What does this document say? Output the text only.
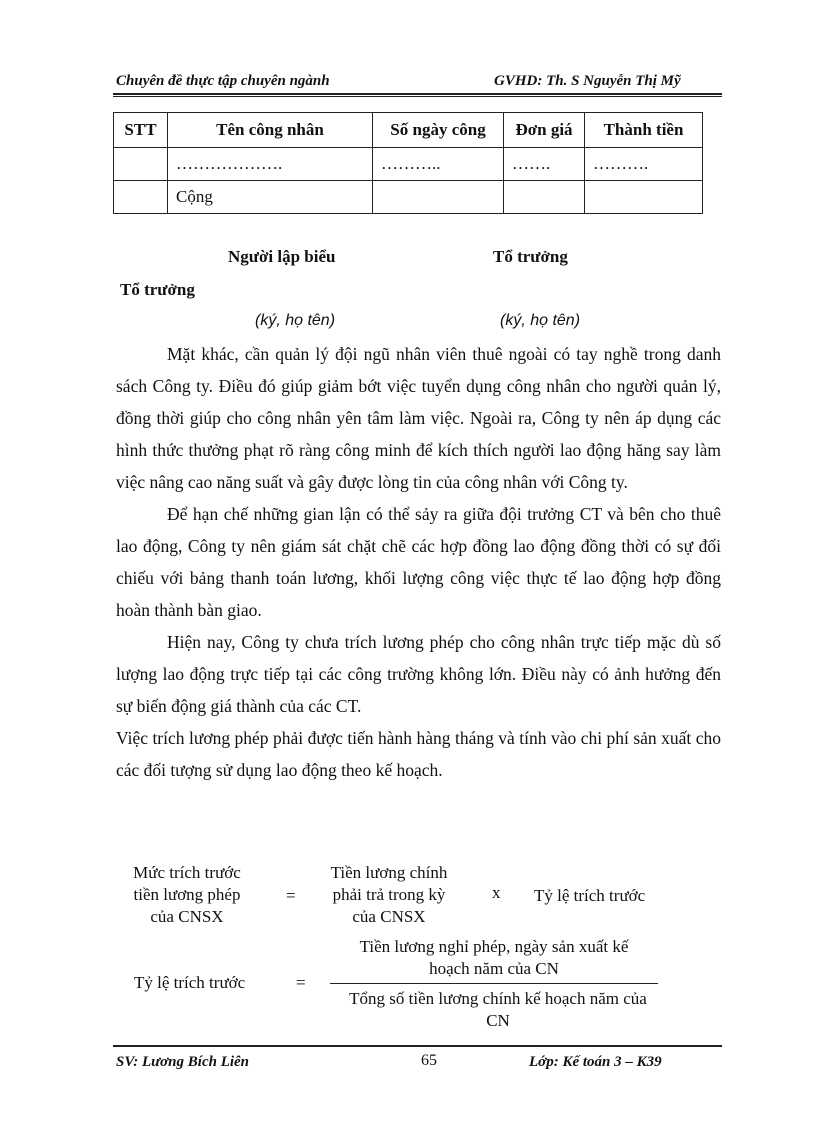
Chuyên đề thực tập chuyên ngành	GVHD: Th. S Nguyễn Thị Mỹ
STT	Tên công nhân	Số ngày công	Đơn giá	Thành tiền
	……………….	………..	…….	……….
	Cộng			
Người lập biểu	Tổ trưởng
Tổ trưởng
(ký, họ tên)	(ký, họ tên)

Mặt khác, cần quản lý đội ngũ nhân viên thuê ngoài có tay nghề trong danh sách Công ty. Điều đó giúp giảm bớt việc tuyển dụng công nhân cho người quản lý, đồng thời giúp cho công nhân yên tâm làm việc. Ngoài ra, Công ty nên áp dụng các hình thức thưởng phạt rõ ràng công minh để kích thích người lao động hăng say làm việc nâng cao năng suất và gây được lòng tin của công nhân với Công ty.

Để hạn chế những gian lận có thể sảy ra giữa đội trưởng CT và bên cho thuê lao động, Công ty nên giám sát chặt chẽ các hợp đồng lao động đồng thời có sự đối chiếu với bảng thanh toán lương, khối lượng công việc thực tế lao động hợp đồng hoàn thành bàn giao.

Hiện nay, Công ty chưa trích lương phép cho công nhân trực tiếp mặc dù số lượng lao động trực tiếp tại các công trường không lớn. Điều này có ảnh hưởng đến sự biến động giá thành của các CT.

Việc trích lương phép phải được tiến hành hàng tháng và tính vào chi phí sản xuất cho các đối tượng sử dụng lao động theo kế hoạch.

Mức trích trước
tiền lương phép
của CNSX
=
Tiền lương chính
phải trả trong kỳ
của CNSX
x Tỷ lệ trích trước
Tỷ lệ trích trước	=
Tiền lương nghỉ phép, ngày sản xuất kế
hoạch năm của CN
Tổng số tiền lương chính kế hoạch năm của
CN
SV: Lương Bích Liên	65	Lớp: Kế toán 3 – K39
